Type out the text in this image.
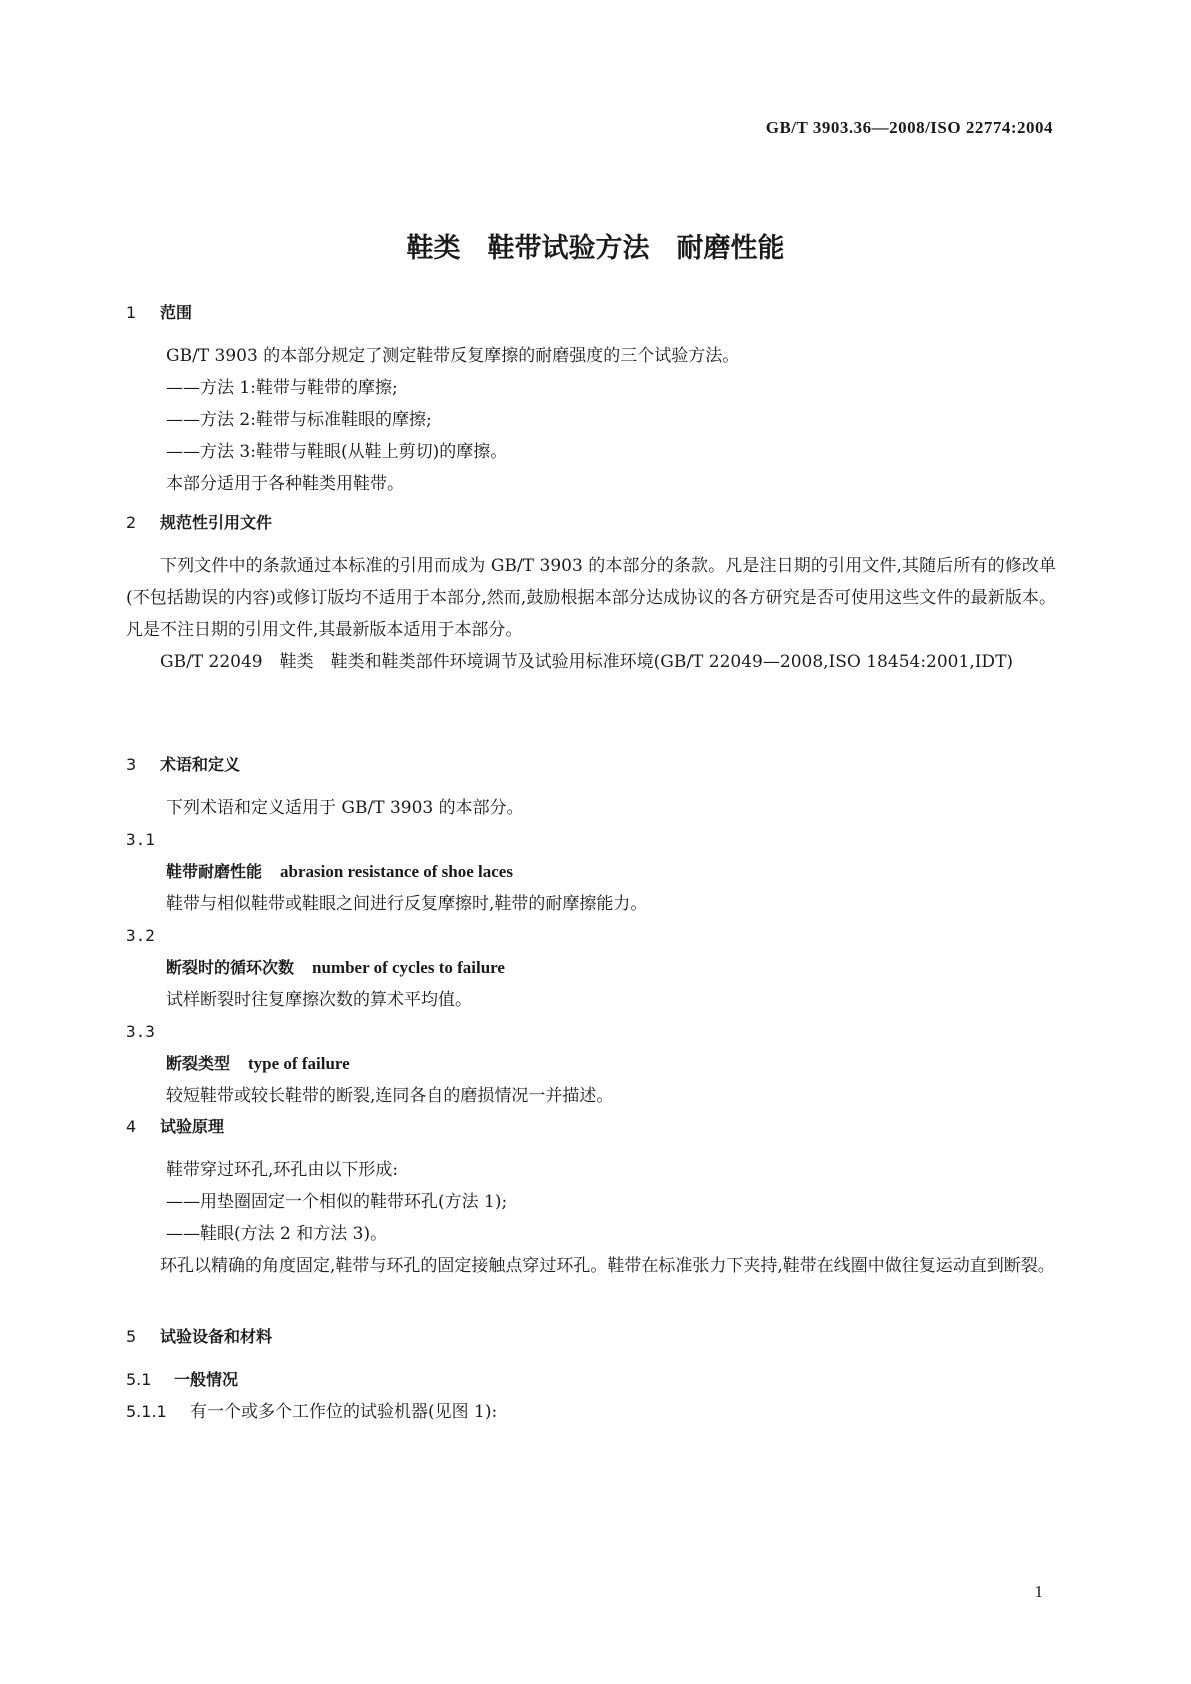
GB/T 3903.36—2008/ISO 22774:2004
鞋类　鞋带试验方法　耐磨性能
1 范围
GB/T 3903 的本部分规定了测定鞋带反复摩擦的耐磨强度的三个试验方法。
——方法 1:鞋带与鞋带的摩擦;
——方法 2:鞋带与标准鞋眼的摩擦;
——方法 3:鞋带与鞋眼(从鞋上剪切)的摩擦。
本部分适用于各种鞋类用鞋带。
2 规范性引用文件

下列文件中的条款通过本标准的引用而成为 GB/T 3903 的本部分的条款。凡是注日期的引用文件,其随后所有的修改单(不包括勘误的内容)或修订版均不适用于本部分,然而,鼓励根据本部分达成协议的各方研究是否可使用这些文件的最新版本。凡是不注日期的引用文件,其最新版本适用于本部分。

GB/T 22049　鞋类　鞋类和鞋类部件环境调节及试验用标准环境(GB/T 22049—2008,ISO 18454:2001,IDT)

3 术语和定义
下列术语和定义适用于 GB/T 3903 的本部分。
3.1
鞋带耐磨性能 abrasion resistance of shoe laces
鞋带与相似鞋带或鞋眼之间进行反复摩擦时,鞋带的耐摩擦能力。
3.2
断裂时的循环次数 number of cycles to failure
试样断裂时往复摩擦次数的算术平均值。
3.3
断裂类型 type of failure
较短鞋带或较长鞋带的断裂,连同各自的磨损情况一并描述。
4 试验原理
鞋带穿过环孔,环孔由以下形成:
——用垫圈固定一个相似的鞋带环孔(方法 1);
——鞋眼(方法 2 和方法 3)。

环孔以精确的角度固定,鞋带与环孔的固定接触点穿过环孔。鞋带在标准张力下夹持,鞋带在线圈中做往复运动直到断裂。

5 试验设备和材料
5.1 一般情况
5.1.1 有一个或多个工作位的试验机器(见图 1):
1
